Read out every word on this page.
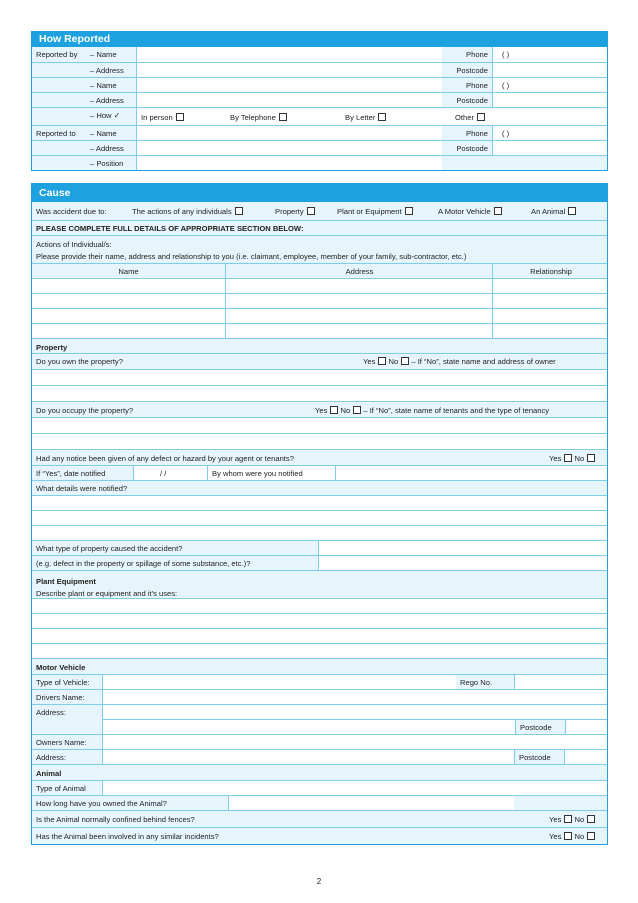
How Reported
Reported by – Name	Phone ( )
– Address	Postcode
– Name	Phone ( )
– Address	Postcode
– How ✓	In person	By Telephone	By Letter	Other
Reported to – Name	Phone ( )
– Address	Postcode
– Position
Cause
Was accident due to:	The actions of any individuals	Property	Plant or Equipment	A Motor Vehicle	An Animal
PLEASE COMPLETE FULL DETAILS OF APPROPRIATE SECTION BELOW:
Actions of Individual/s:
Please provide their name, address and relationship to you (i.e. claimant, employee, member of your family, sub-contractor, etc.)
Name	Address	Relationship
Property
Do you own the property?	Yes No – If “No”, state name and address of owner
Do you occupy the property?	Yes No – If “No”, state name of tenants and the type of tenancy
Had any notice been given of any defect or hazard by your agent or tenants?	Yes No
If “Yes”, date notified	/ /	By whom were you notified
What details were notified?
What type of property caused the accident?
(e.g. defect in the property or spillage of some substance, etc.)?
Plant Equipment
Describe plant or equipment and it's uses:
Motor Vehicle
Type of Vehicle:	Rego No.
Drivers Name:
Address:
Postcode
Owners Name:
Address:	Postcode
Animal
Type of Animal
How long have you owned the Animal?
Is the Animal normally confined behind fences?	Yes No
Has the Animal been involved in any similar incidents?	Yes No
2
